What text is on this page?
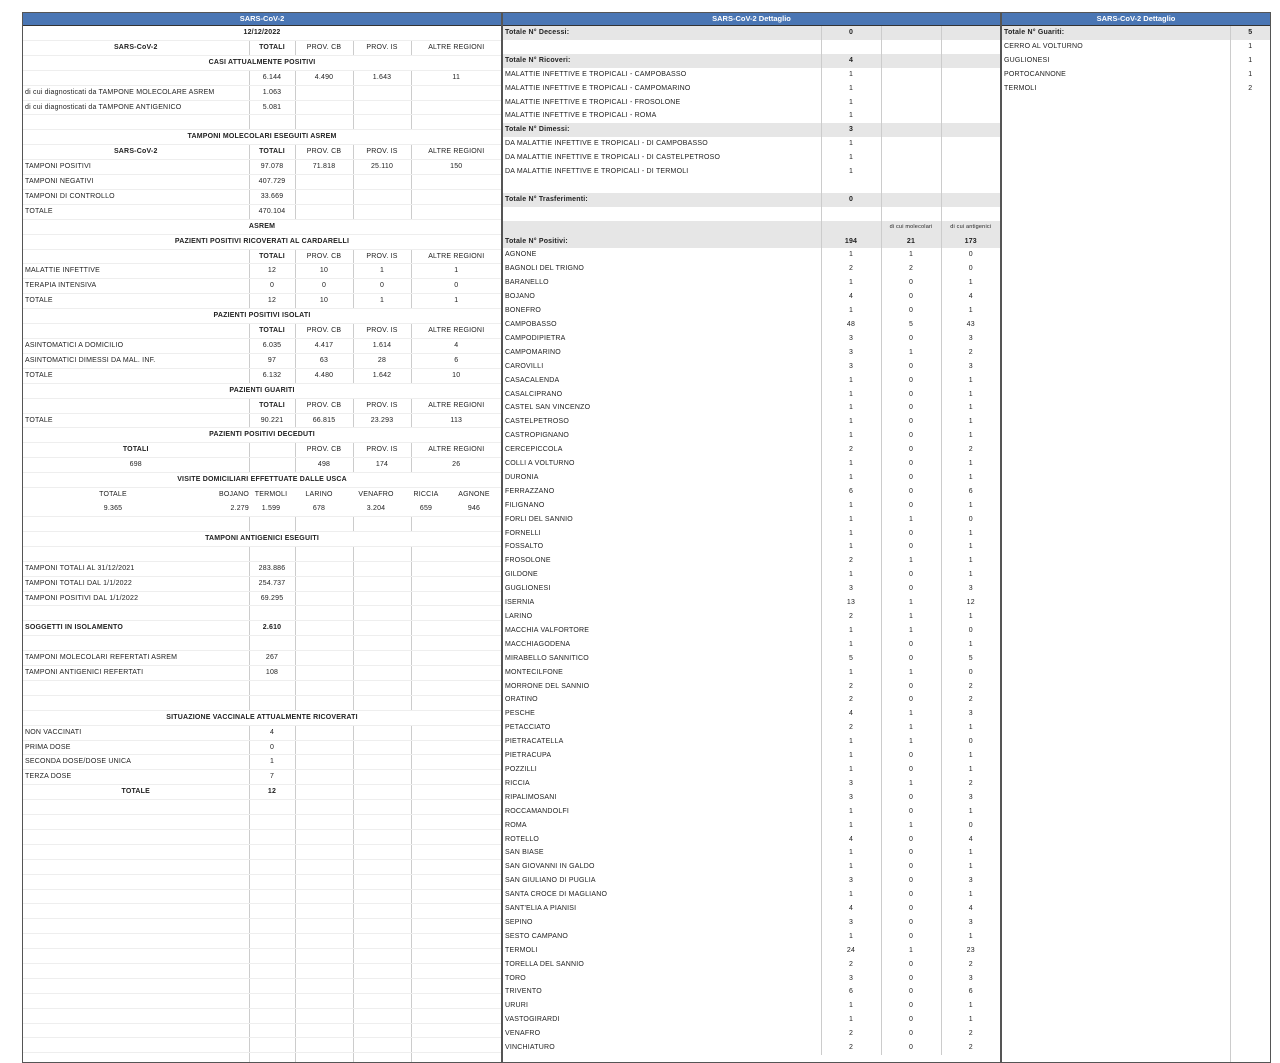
SARS-CoV-2
12/12/2022
SARS-CoV-2	TOTALI	PROV. CB	PROV. IS	ALTRE REGIONI
CASI ATTUALMENTE POSITIVI
	6.144	4.490	1.643	11
di cui diagnosticati da TAMPONE MOLECOLARE ASREM	1.063			
di cui diagnosticati da TAMPONE ANTIGENICO	5.081			

TAMPONI MOLECOLARI ESEGUITI ASREM
SARS-CoV-2	TOTALI	PROV. CB	PROV. IS	ALTRE REGIONI
TAMPONI POSITIVI	97.078	71.818	25.110	150
TAMPONI NEGATIVI	407.729			
TAMPONI DI CONTROLLO	33.669			
TOTALE	470.104			
ASREM
PAZIENTI POSITIVI RICOVERATI AL CARDARELLI
	TOTALI	PROV. CB	PROV. IS	ALTRE REGIONI
MALATTIE INFETTIVE	12	10	1	1
TERAPIA INTENSIVA	0	0	0	0
TOTALE	12	10	1	1
PAZIENTI POSITIVI ISOLATI
	TOTALI	PROV. CB	PROV. IS	ALTRE REGIONI
ASINTOMATICI A DOMICILIO	6.035	4.417	1.614	4
ASINTOMATICI DIMESSI DA MAL. INF.	97	63	28	6
TOTALE	6.132	4.480	1.642	10
PAZIENTI GUARITI
	TOTALI	PROV. CB	PROV. IS	ALTRE REGIONI
TOTALE	90.221	66.815	23.293	113
PAZIENTI POSITIVI DECEDUTI
TOTALI		PROV. CB	PROV. IS	ALTRE REGIONI
698		498	174	26
VISITE DOMICILIARI EFFETTUATE DALLE USCA

TOTALE	BOJANO	TERMOLI	LARINO	VENAFRO	RICCIA	AGNONE
9.365	2.279	1.599	678	3.204	659	946

TAMPONI ANTIGENICI ESEGUITI

TAMPONI TOTALI AL 31/12/2021	283.886			
TAMPONI TOTALI DAL 1/1/2022	254.737			
TAMPONI POSITIVI DAL 1/1/2022	69.295			

SOGGETTI IN ISOLAMENTO	2.610			

TAMPONI MOLECOLARI REFERTATI ASREM	267			
TAMPONI ANTIGENICI REFERTATI	108			

SITUAZIONE VACCINALE ATTUALMENTE RICOVERATI
NON VACCINATI	4			
PRIMA DOSE	0			
SECONDA DOSE/DOSE UNICA	1			
TERZA DOSE	7			
TOTALE	12			

SARS-CoV-2 Dettaglio
Totale N° Decessi:	0		

Totale N° Ricoveri:	4		
MALATTIE INFETTIVE E TROPICALI - CAMPOBASSO	1		
MALATTIE INFETTIVE E TROPICALI - CAMPOMARINO	1		
MALATTIE INFETTIVE E TROPICALI - FROSOLONE	1		
MALATTIE INFETTIVE E TROPICALI - ROMA	1		
Totale N° Dimessi:	3		
DA MALATTIE INFETTIVE E TROPICALI - DI CAMPOBASSO	1		
DA MALATTIE INFETTIVE E TROPICALI - DI CASTELPETROSO	1		
DA MALATTIE INFETTIVE E TROPICALI - DI TERMOLI	1		

Totale N° Trasferimenti:	0		

		di cui molecolari	di cui antigenici
Totale N° Positivi:	194	21	173
AGNONE	1	1	0
BAGNOLI DEL TRIGNO	2	2	0
BARANELLO	1	0	1
BOJANO	4	0	4
BONEFRO	1	0	1
CAMPOBASSO	48	5	43
CAMPODIPIETRA	3	0	3
CAMPOMARINO	3	1	2
CAROVILLI	3	0	3
CASACALENDA	1	0	1
CASALCIPRANO	1	0	1
CASTEL SAN VINCENZO	1	0	1
CASTELPETROSO	1	0	1
CASTROPIGNANO	1	0	1
CERCEPICCOLA	2	0	2
COLLI A VOLTURNO	1	0	1
DURONIA	1	0	1
FERRAZZANO	6	0	6
FILIGNANO	1	0	1
FORLI DEL SANNIO	1	1	0
FORNELLI	1	0	1
FOSSALTO	1	0	1
FROSOLONE	2	1	1
GILDONE	1	0	1
GUGLIONESI	3	0	3
ISERNIA	13	1	12
LARINO	2	1	1
MACCHIA VALFORTORE	1	1	0
MACCHIAGODENA	1	0	1
MIRABELLO SANNITICO	5	0	5
MONTECILFONE	1	1	0
MORRONE DEL SANNIO	2	0	2
ORATINO	2	0	2
PESCHE	4	1	3
PETACCIATO	2	1	1
PIETRACATELLA	1	1	0
PIETRACUPA	1	0	1
POZZILLI	1	0	1
RICCIA	3	1	2
RIPALIMOSANI	3	0	3
ROCCAMANDOLFI	1	0	1
ROMA	1	1	0
ROTELLO	4	0	4
SAN BIASE	1	0	1
SAN GIOVANNI IN GALDO	1	0	1
SAN GIULIANO DI PUGLIA	3	0	3
SANTA CROCE DI MAGLIANO	1	0	1
SANT'ELIA A PIANISI	4	0	4
SEPINO	3	0	3
SESTO CAMPANO	1	0	1
TERMOLI	24	1	23
TORELLA DEL SANNIO	2	0	2
TORO	3	0	3
TRIVENTO	6	0	6
URURI	1	0	1
VASTOGIRARDI	1	0	1
VENAFRO	2	0	2
VINCHIATURO	2	0	2
SARS-CoV-2 Dettaglio
Totale N° Guariti:	5
CERRO AL VOLTURNO	1
GUGLIONESI	1
PORTOCANNONE	1
TERMOLI	2
